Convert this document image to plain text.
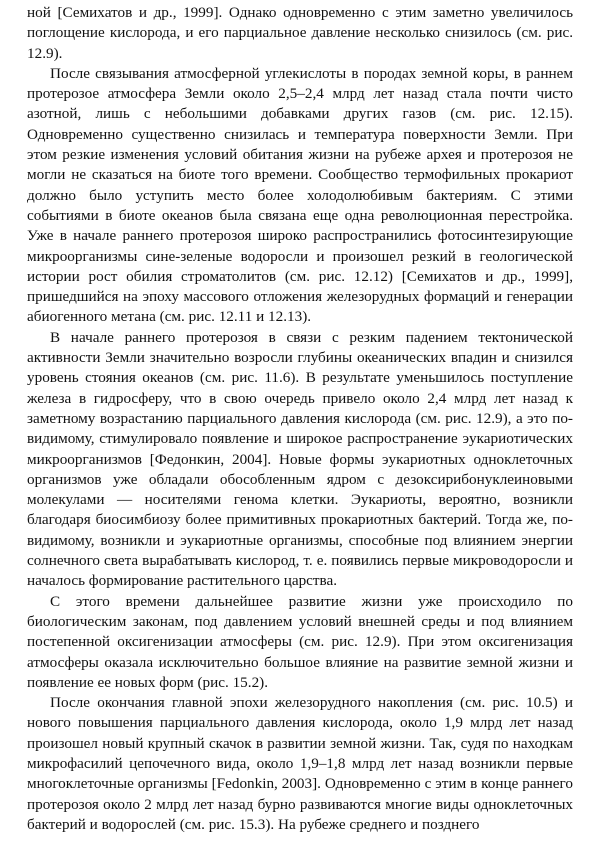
ной [Семихатов и др., 1999]. Однако одновременно с этим заметно увеличилось поглощение кислорода, и его парциальное давление несколько снизилось (см. рис. 12.9).

После связывания атмосферной углекислоты в породах земной коры, в раннем протерозое атмосфера Земли около 2,5–2,4 млрд лет назад стала почти чисто азотной, лишь с небольшими добавками других газов (см. рис. 12.15). Одновременно существенно снизилась и температура поверхности Земли. При этом резкие изменения условий обитания жизни на рубеже архея и протерозоя не могли не сказаться на биоте того времени. Сообщество термофильных прокариот должно было уступить место более холодолюбивым бактериям. С этими событиями в биоте океанов была связана еще одна революционная перестройка. Уже в начале раннего протерозоя широко распространились фотосинтезирующие микроорганизмы сине-зеленые водоросли и произошел резкий в геологической истории рост обилия строматолитов (см. рис. 12.12) [Семихатов и др., 1999], пришедшийся на эпоху массового отложения железорудных формаций и генерации абиогенного метана (см. рис. 12.11 и 12.13).

В начале раннего протерозоя в связи с резким падением тектонической активности Земли значительно возросли глубины океанических впадин и снизился уровень стояния океанов (см. рис. 11.6). В результате уменьшилось поступление железа в гидросферу, что в свою очередь привело около 2,4 млрд лет назад к заметному возрастанию парциального давления кислорода (см. рис. 12.9), а это по-видимому, стимулировало появление и широкое распространение эукариотических микроорганизмов [Федонкин, 2004]. Новые формы эукариотных одноклеточных организмов уже обладали обособленным ядром с дезоксирибонуклеиновыми молекулами — носителями генома клетки. Эукариоты, вероятно, возникли благодаря биосимбиозу более примитивных прокариотных бактерий. Тогда же, по-видимому, возникли и эукариотные организмы, способные под влиянием энергии солнечного света вырабатывать кислород, т. е. появились первые микроводоросли и началось формирование растительного царства.

С этого времени дальнейшее развитие жизни уже происходило по биологическим законам, под давлением условий внешней среды и под влиянием постепенной оксигенизации атмосферы (см. рис. 12.9). При этом оксигенизация атмосферы оказала исключительно большое влияние на развитие земной жизни и появление ее новых форм (рис. 15.2).

После окончания главной эпохи железорудного накопления (см. рис. 10.5) и нового повышения парциального давления кислорода, около 1,9 млрд лет назад произошел новый крупный скачок в развитии земной жизни. Так, судя по находкам микрофасилий цепочечного вида, около 1,9–1,8 млрд лет назад возникли первые многоклеточные организмы [Fedonkin, 2003]. Одновременно с этим в конце раннего протерозоя около 2 млрд лет назад бурно развиваются многие виды одноклеточных бактерий и водорослей (см. рис. 15.3). На рубеже среднего и позднего
